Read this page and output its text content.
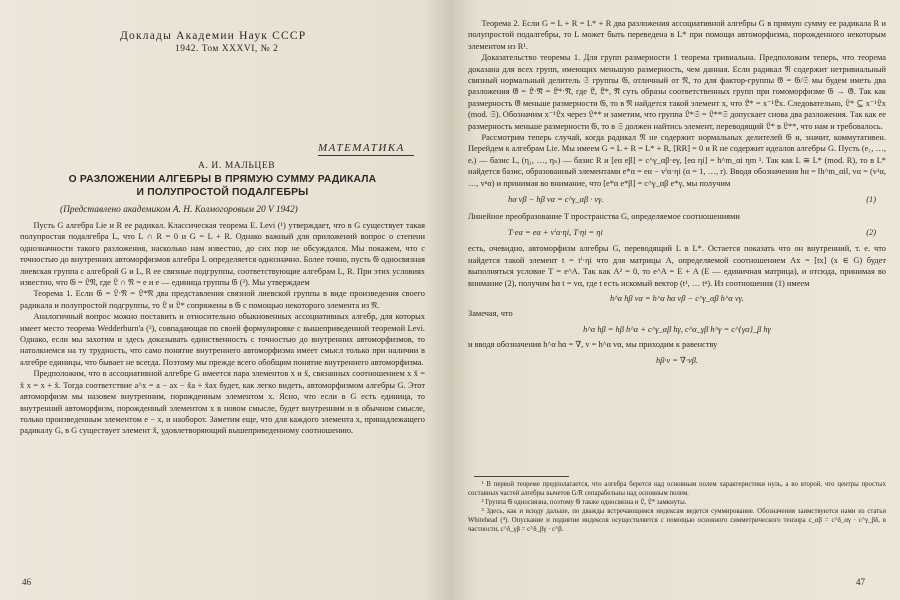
Доклады Академии Наук СССР
1942. Том XXXVI, № 2
МАТЕМАТИКА
А. И. МАЛЬЦЕВ
О РАЗЛОЖЕНИИ АЛГЕБРЫ В ПРЯМУЮ СУММУ РАДИКАЛА
И ПОЛУПРОСТОЙ ПОДАЛГЕБРЫ
(Представлено академиком А. Н. Колмогоровым 20 V 1942)

Пусть G алгебра Lie и R ее радикал. Классическая теорема E. Levi (¹) утверждает, что в G существует такая полупростая подалгебра L, что L ∩ R = 0 и G = L + R. Однако важный для приложений вопрос о степени однозначности такого разложения, насколько нам известно, до сих пор не обсуждался. Мы покажем, что с точностью до внутренних автоморфизмов алгебра L определяется однозначно. Более точно, пусть 𝔊 односвязная лиевская группа с алгеброй G и L, R ее связные подгруппы, соответствующие алгебрам L, R. При этих условиях известно, что 𝔊 = 𝔏𝔑, где 𝔏 ∩ 𝔑 = e и e — единица группы 𝔊 (²). Мы утверждаем

Теорема 1. Если 𝔊 = 𝔏·𝔑 = 𝔏*𝔑 два представления связной лиевской группы в виде произведения своего радикала и полупростой подгруппы, то 𝔏 и 𝔏* сопряжены в 𝔊 с помощью некоторого элемента из 𝔑.

Аналогичный вопрос можно поставить и относительно обыкновенных ассоциативных алгебр, для которых имеет место теорема Wedderburn'a (³), совпадающая по своей формулировке с вышеприведенной теоремой Levi. Однако, если мы захотим и здесь доказывать единственность с точностью до внутренних автоморфизмов, то натолкнемся на ту трудность, что само понятие внутреннего автоморфизма имеет смысл только при наличии в алгебре единицы, что бывает не всегда. Поэтому мы прежде всего обобщим понятие внутреннего автоморфизма.

Предположим, что в ассоциативной алгебре G имеется пара элементов x и x̌, связанных соотношением x x̌ = x̌ x = x + x̌. Тогда соответствие a^x = a − ax − x̌a + x̌ax будет, как легко видеть, автоморфизмом алгебры G. Этот автоморфизм мы назовем внутренним, порожденным элементом x. Ясно, что если в G есть единица, то внутренний автоморфизм, порожденный элементом x в новом смысле, будет внутренним и в обычном смысле, только произведенным элементом e − x, и наоборот. Заметим еще, что для каждого элемента x, принадлежащего радикалу G, в G существует элемент x̌, удовлетворяющий вышеприведенному соотношению.

46

Теорема 2. Если G = L + R = L* + R два разложения ассоциативной алгебры G в прямую сумму ее радикала R и полупростой подалгебры, то L может быть переведена в L* при помощи автоморфизма, порожденного некоторым элементом из R¹.

Доказательство теоремы 1. Для групп размерности 1 теорема тривиальна. Предположим теперь, что теорема доказана для всех групп, имеющих меньшую размерность, чем данная. Если радикал 𝔑 содержит нетривиальный связный нормальный делитель 𝔖 группы 𝔊, отличный от 𝔑, то для фактор-группы 𝔊̄ = 𝔊/𝔖 мы будем иметь два разложения 𝔊̄ = 𝔏̄·𝔑̄ = 𝔏̄*·𝔑̄, где 𝔏̄, 𝔏̄*, 𝔑̄ суть образы соответственных групп при гомоморфизме 𝔊 → 𝔊̄. Так как размерность 𝔊̄ меньше размерности 𝔊, то в 𝔑 найдется такой элемент x, что 𝔏̄* = x⁻¹𝔏̄x. Следовательно, 𝔏* ⊆ x⁻¹𝔏x (mod. 𝔖). Обозначим x⁻¹𝔏x через 𝔏** и заметим, что группа 𝔏*𝔖 = 𝔏**𝔖 допускает снова два разложения. Так как ее размерность меньше размерности 𝔊, то в 𝔖 должен найтись элемент, переводящий 𝔏* в 𝔏**, что нам и требовалось.

Рассмотрим теперь случай, когда радикал 𝔑 не содержит нормальных делителей 𝔊 и, значит, коммутативен. Перейдем к алгебрам Lie. Мы имеем G = L + R = L* + R, [RR] = 0 и R не содержит идеалов алгебры G. Пусть (e₁, …, eᵣ) — базис L, (η₁, …, ηₙ) — базис R и [eα eβ] = c^γ_αβ·eγ, [eα ηi] = h^m_αi ηm ¹. Так как L ≅ L* (mod. R), то в L* найдется базис, образованный элементами e*α = eα − vⁱα·ηi (α = 1, …, r). Вводя обозначения hα = ‖h^m_αi‖, vα = (v¹α, …, vⁿα) и принимая во внимание, что [e*α e*β] = c^γ_αβ e*γ, мы получим

hα vβ − hβ vα = c^γ_αβ · vγ.	(1)

Линейное преобразование T пространства G, определяемое соотношениями

T·eα = eα + vⁱα·ηi, T·ηi = ηi	(2)

есть, очевидно, автоморфизм алгебры G, переводящий L в L*. Остается показать что он внутренний, т. е. что найдется такой элемент t = tⁱ·ηi что для матрицы A, определяемой соотношением Ax = [tx] (x ∈ G) будет выполняться условие T = e^A. Так как A² = 0, то e^A = E + A (E — единичная матрица), и отсюда, принимая во внимание (2), получим hα t = vα, где t есть искомый вектор (t¹, … tⁿ). Из соотношения (1) имеем

h^α hβ vα = h^α hα vβ − c^γ_αβ h^α vγ.

Замечая, что

h^α hβ = hβ h^α + c^γ_αβ hγ, c^α_γβ h^γ = c^{γα}_β hγ

и вводя обозначения h^α hα = ∇, v = h^α vα, мы приходим к равенству

hβ·v = ∇·vβ.

¹ В первой теореме предполагается, что алгебра берется над основным полем характеристики нуль, а во второй, что центры простых составных частей алгебры вычетов G/R сепарабельны над основным полем.

² Группа 𝔊 односвязна, поэтому 𝔊 также односвязна и 𝔏, 𝔏* замкнуты.

³ Здесь, как и всюду дальше, по дважды встречающимся индексам ведется суммирование. Обозначения заимствуются нами из статьи Whitehead (⁴). Опускание и поднятие индексов осуществляется с помощью основного симметрического тензора c_αβ = c^δ_αγ · c^γ_βδ, в частности, c^δ_γβ = c^δ_βγ · c^β.

47
